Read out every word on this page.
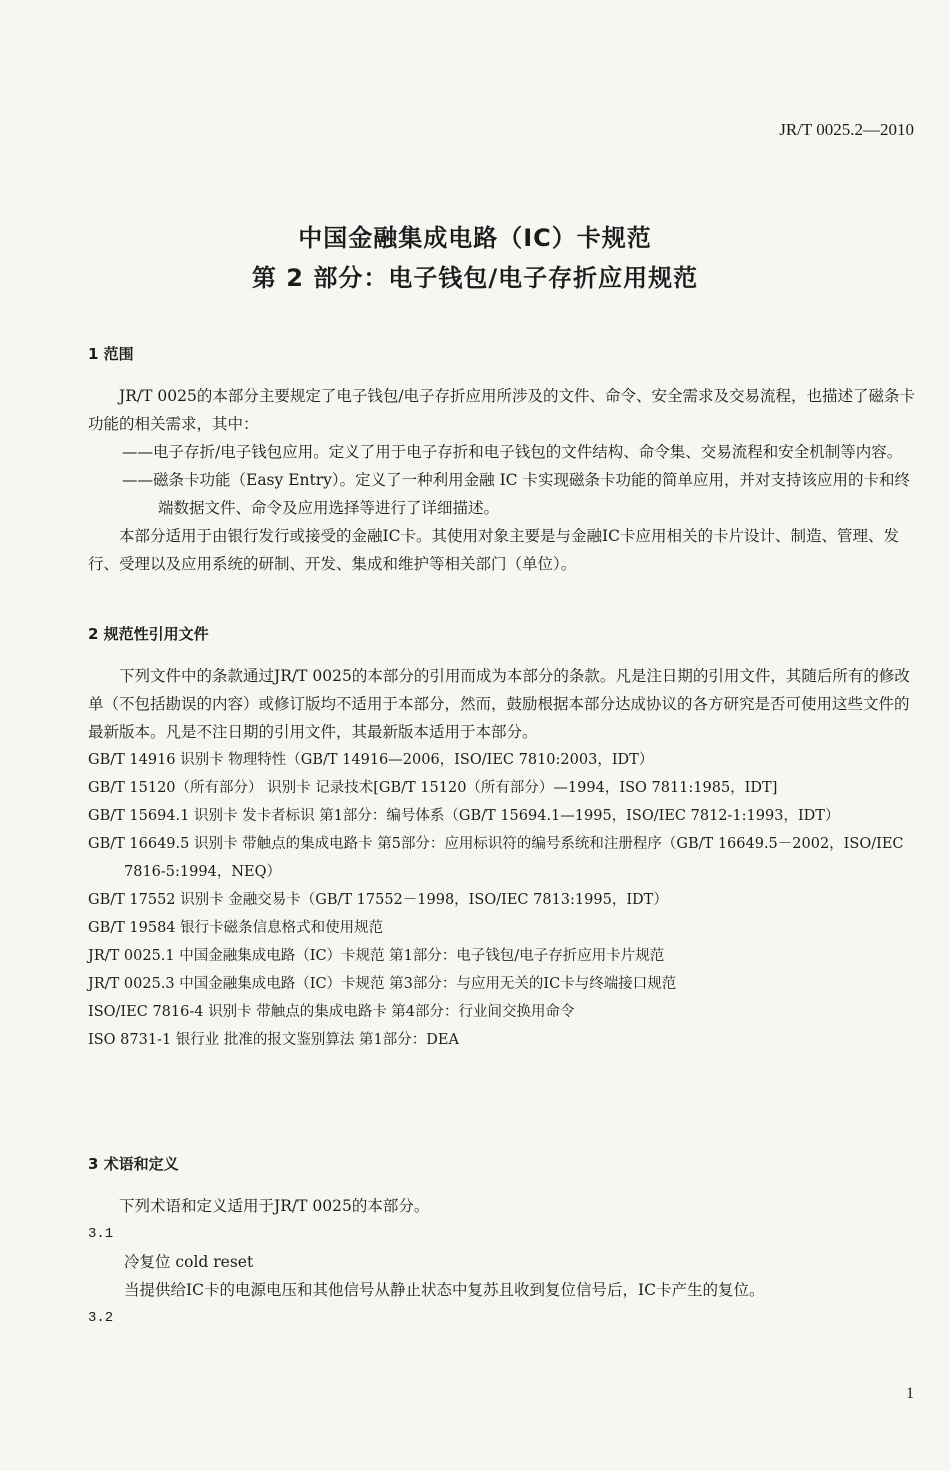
JR/T 0025.2—2010
中国金融集成电路（IC）卡规范
第 2 部分：电子钱包/电子存折应用规范

1 范围

JR/T 0025的本部分主要规定了电子钱包/电子存折应用所涉及的文件、命令、安全需求及交易流程，也描述了磁条卡功能的相关需求，其中：

——电子存折/电子钱包应用。定义了用于电子存折和电子钱包的文件结构、命令集、交易流程和安全机制等内容。

——磁条卡功能（Easy Entry）。定义了一种利用金融 IC 卡实现磁条卡功能的简单应用，并对支持该应用的卡和终端数据文件、命令及应用选择等进行了详细描述。

本部分适用于由银行发行或接受的金融IC卡。其使用对象主要是与金融IC卡应用相关的卡片设计、制造、管理、发行、受理以及应用系统的研制、开发、集成和维护等相关部门（单位）。

2 规范性引用文件

下列文件中的条款通过JR/T 0025的本部分的引用而成为本部分的条款。凡是注日期的引用文件，其随后所有的修改单（不包括勘误的内容）或修订版均不适用于本部分，然而，鼓励根据本部分达成协议的各方研究是否可使用这些文件的最新版本。凡是不注日期的引用文件，其最新版本适用于本部分。

GB/T 14916 识别卡 物理特性（GB/T 14916—2006，ISO/IEC 7810:2003，IDT）

GB/T 15120（所有部分） 识别卡 记录技术[GB/T 15120（所有部分）—1994，ISO 7811:1985，IDT]

GB/T 15694.1 识别卡 发卡者标识 第1部分：编号体系（GB/T 15694.1—1995，ISO/IEC 7812-1:1993，IDT）

GB/T 16649.5 识别卡 带触点的集成电路卡 第5部分：应用标识符的编号系统和注册程序（GB/T 16649.5－2002，ISO/IEC 7816-5:1994，NEQ）

GB/T 17552 识别卡 金融交易卡（GB/T 17552－1998，ISO/IEC 7813:1995，IDT）

GB/T 19584 银行卡磁条信息格式和使用规范

JR/T 0025.1 中国金融集成电路（IC）卡规范 第1部分：电子钱包/电子存折应用卡片规范

JR/T 0025.3 中国金融集成电路（IC）卡规范 第3部分：与应用无关的IC卡与终端接口规范

ISO/IEC 7816-4 识别卡 带触点的集成电路卡 第4部分：行业间交换用命令

ISO 8731-1 银行业 批准的报文鉴别算法 第1部分：DEA

3 术语和定义

下列术语和定义适用于JR/T 0025的本部分。

3.1

冷复位 cold reset

当提供给IC卡的电源电压和其他信号从静止状态中复苏且收到复位信号后，IC卡产生的复位。

3.2

1
